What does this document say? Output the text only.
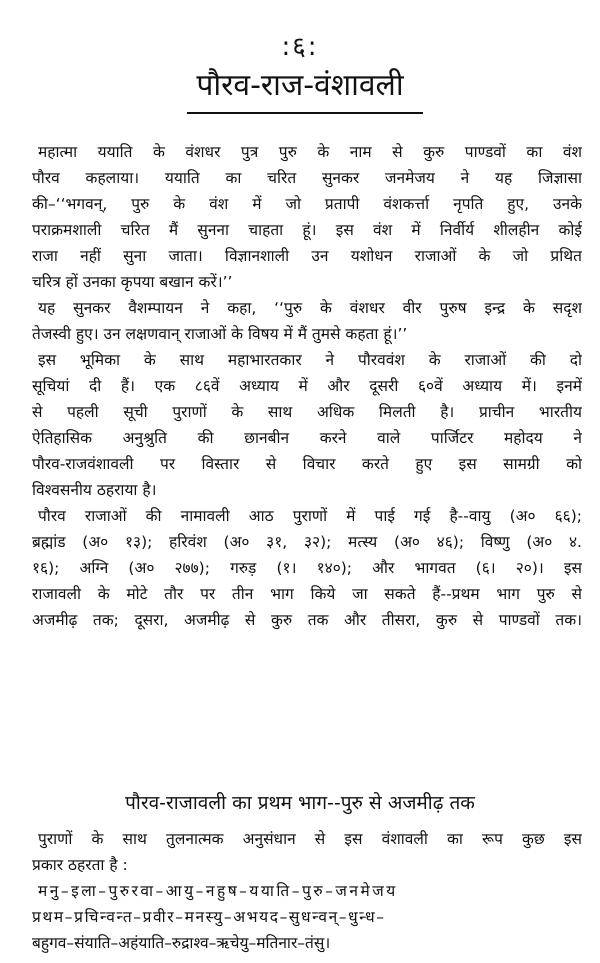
:६:
पौरव-राज-वंशावली
महात्मा ययाति के वंशधर पुत्र पुरु के नाम से कुरु पाण्डवों का वंश
पौरव कहलाया। ययाति का चरित सुनकर जनमेजय ने यह जिज्ञासा
की–‘‘भगवन्, पुरु के वंश में जो प्रतापी वंशकर्त्ता नृपति हुए, उनके
पराक्रमशाली चरित मैं सुनना चाहता हूं। इस वंश में निर्वीर्य शीलहीन कोई
राजा नहीं सुना जाता। विज्ञानशाली उन यशोधन राजाओं के जो प्रथित
चरित्र हों उनका कृपया बखान करें।’’
यह सुनकर वैशम्पायन ने कहा, ‘‘पुरु के वंशधर वीर पुरुष इन्द्र के सदृश
तेजस्वी हुए। उन लक्षणवान् राजाओं के विषय में मैं तुमसे कहता हूं।’’
इस भूमिका के साथ महाभारतकार ने पौरववंश के राजाओं की दो
सूचियां दी हैं। एक ८६वें अध्याय में और दूसरी ६०वें अध्याय में। इनमें
से पहली सूची पुराणों के साथ अधिक मिलती है। प्राचीन भारतीय
ऐतिहासिक अनुश्रुति की छानबीन करने वाले पार्जिटर महोदय ने
पौरव-राजवंशावली पर विस्तार से विचार करते हुए इस सामग्री को
विश्वसनीय ठहराया है।
पौरव राजाओं की नामावली आठ पुराणों में पाई गई है--वायु (अ० ६६);
ब्रह्मांड (अ० १३); हरिवंश (अ० ३१, ३२); मत्स्य (अ० ४६); विष्णु (अ० ४.
१६); अग्नि (अ० २७७); गरुड़ (१। १४०); और भागवत (६। २०)। इस
राजावली के मोटे तौर पर तीन भाग किये जा सकते हैं--प्रथम भाग पुरु से
अजमीढ़ तक; दूसरा, अजमीढ़ से कुरु तक और तीसरा, कुरु से पाण्डवों तक।
पौरव-राजावली का प्रथम भाग--पुरु से अजमीढ़ तक
पुराणों के साथ तुलनात्मक अनुसंधान से इस वंशावली का रूप कुछ इस
प्रकार ठहरता है :
मनु–इला–पुरुरवा–आयु–नहुष–ययाति–पुरु–जनमेजय
प्रथम–प्रचिन्वन्त–प्रवीर–मनस्यु–अभयद–सुधन्वन्–धुन्ध–
बहुगव–संयाति–अहंयाति–रुद्राश्व–ऋचेयु–मतिनार–तंसु।
